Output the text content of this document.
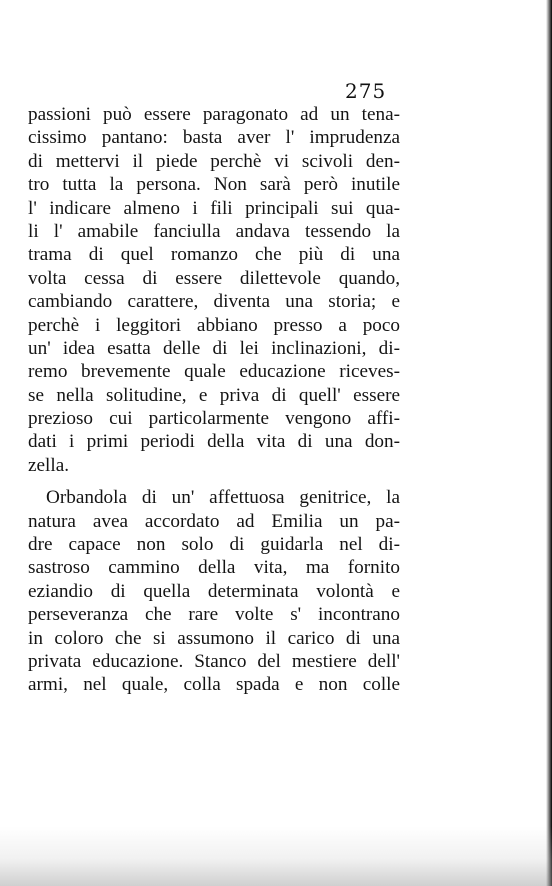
275
passioni può essere paragonato ad un tena-
cissimo pantano: basta aver l' imprudenza
di mettervi il piede perchè vi scivoli den-
tro tutta la persona. Non sarà però inutile
l' indicare almeno i fili principali sui qua-
li l' amabile fanciulla andava tessendo la
trama di quel romanzo che più di una
volta cessa di essere dilettevole quando,
cambiando carattere, diventa una storia; e
perchè i leggitori abbiano presso a poco
un' idea esatta delle di lei inclinazioni, di-
remo brevemente quale educazione riceves-
se nella solitudine, e priva di quell' essere
prezioso cui particolarmente vengono affi-
dati i primi periodi della vita di una don-
zella.
Orbandola di un' affettuosa genitrice, la
natura avea accordato ad Emilia un pa-
dre capace non solo di guidarla nel di-
sastroso cammino della vita, ma fornito
eziandio di quella determinata volontà e
perseveranza che rare volte s' incontrano
in coloro che si assumono il carico di una
privata educazione. Stanco del mestiere dell'
armi, nel quale, colla spada e non colle
